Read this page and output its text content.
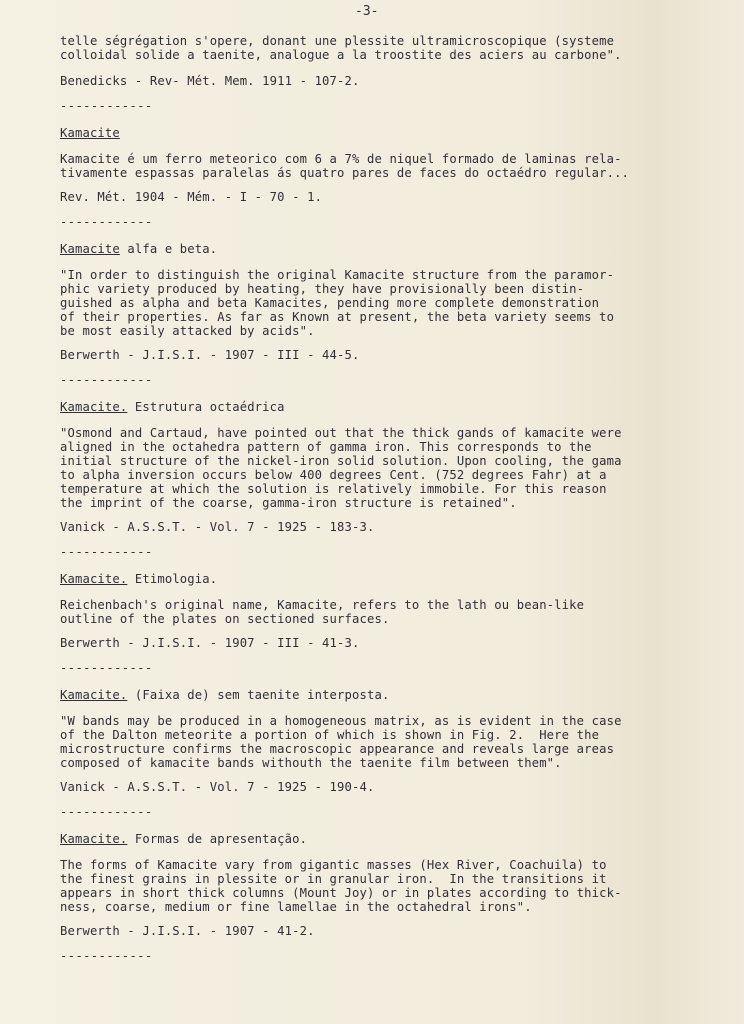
-3-

telle ségrégation s'opere, donant une plessite ultramicroscopique (systeme

colloidal solide a taenite, analogue a la troostite des aciers au carbone".

Benedicks - Rev- Mét. Mem. 1911 - 107-2.

------------

Kamacite

Kamacite é um ferro meteorico com 6 a 7% de niquel formado de laminas rela-

tivamente espassas paralelas ás quatro pares de faces do octaédro regular...

Rev. Mét. 1904 - Mém. - I - 70 - 1.

------------

Kamacite alfa e beta.

"In order to distinguish the original Kamacite structure from the paramor-

phic variety produced by heating, they have provisionally been distin-

guished as alpha and beta Kamacites, pending more complete demonstration

of their properties. As far as Known at present, the beta variety seems to

be most easily attacked by acids".

Berwerth - J.I.S.I. - 1907 - III - 44-5.

------------

Kamacite. Estrutura octaédrica

"Osmond and Cartaud, have pointed out that the thick gands of kamacite were

aligned in the octahedra pattern of gamma iron. This corresponds to the

initial structure of the nickel-iron solid solution. Upon cooling, the gama

to alpha inversion occurs below 400 degrees Cent. (752 degrees Fahr) at a

temperature at which the solution is relatively immobile. For this reason

the imprint of the coarse, gamma-iron structure is retained".

Vanick - A.S.S.T. - Vol. 7 - 1925 - 183-3.

------------

Kamacite. Etimologia.

Reichenbach's original name, Kamacite, refers to the lath ou bean-like

outline of the plates on sectioned surfaces.

Berwerth - J.I.S.I. - 1907 - III - 41-3.

------------

Kamacite. (Faixa de) sem taenite interposta.

"W bands may be produced in a homogeneous matrix, as is evident in the case

of the Dalton meteorite a portion of which is shown in Fig. 2.  Here the

microstructure confirms the macroscopic appearance and reveals large areas

composed of kamacite bands withouth the taenite film between them".

Vanick - A.S.S.T. - Vol. 7 - 1925 - 190-4.

------------

Kamacite. Formas de apresentação.

The forms of Kamacite vary from gigantic masses (Hex River, Coachuila) to

the finest grains in plessite or in granular iron.  In the transitions it

appears in short thick columns (Mount Joy) or in plates according to thick-

ness, coarse, medium or fine lamellae in the octahedral irons".

Berwerth - J.I.S.I. - 1907 - 41-2.

------------
